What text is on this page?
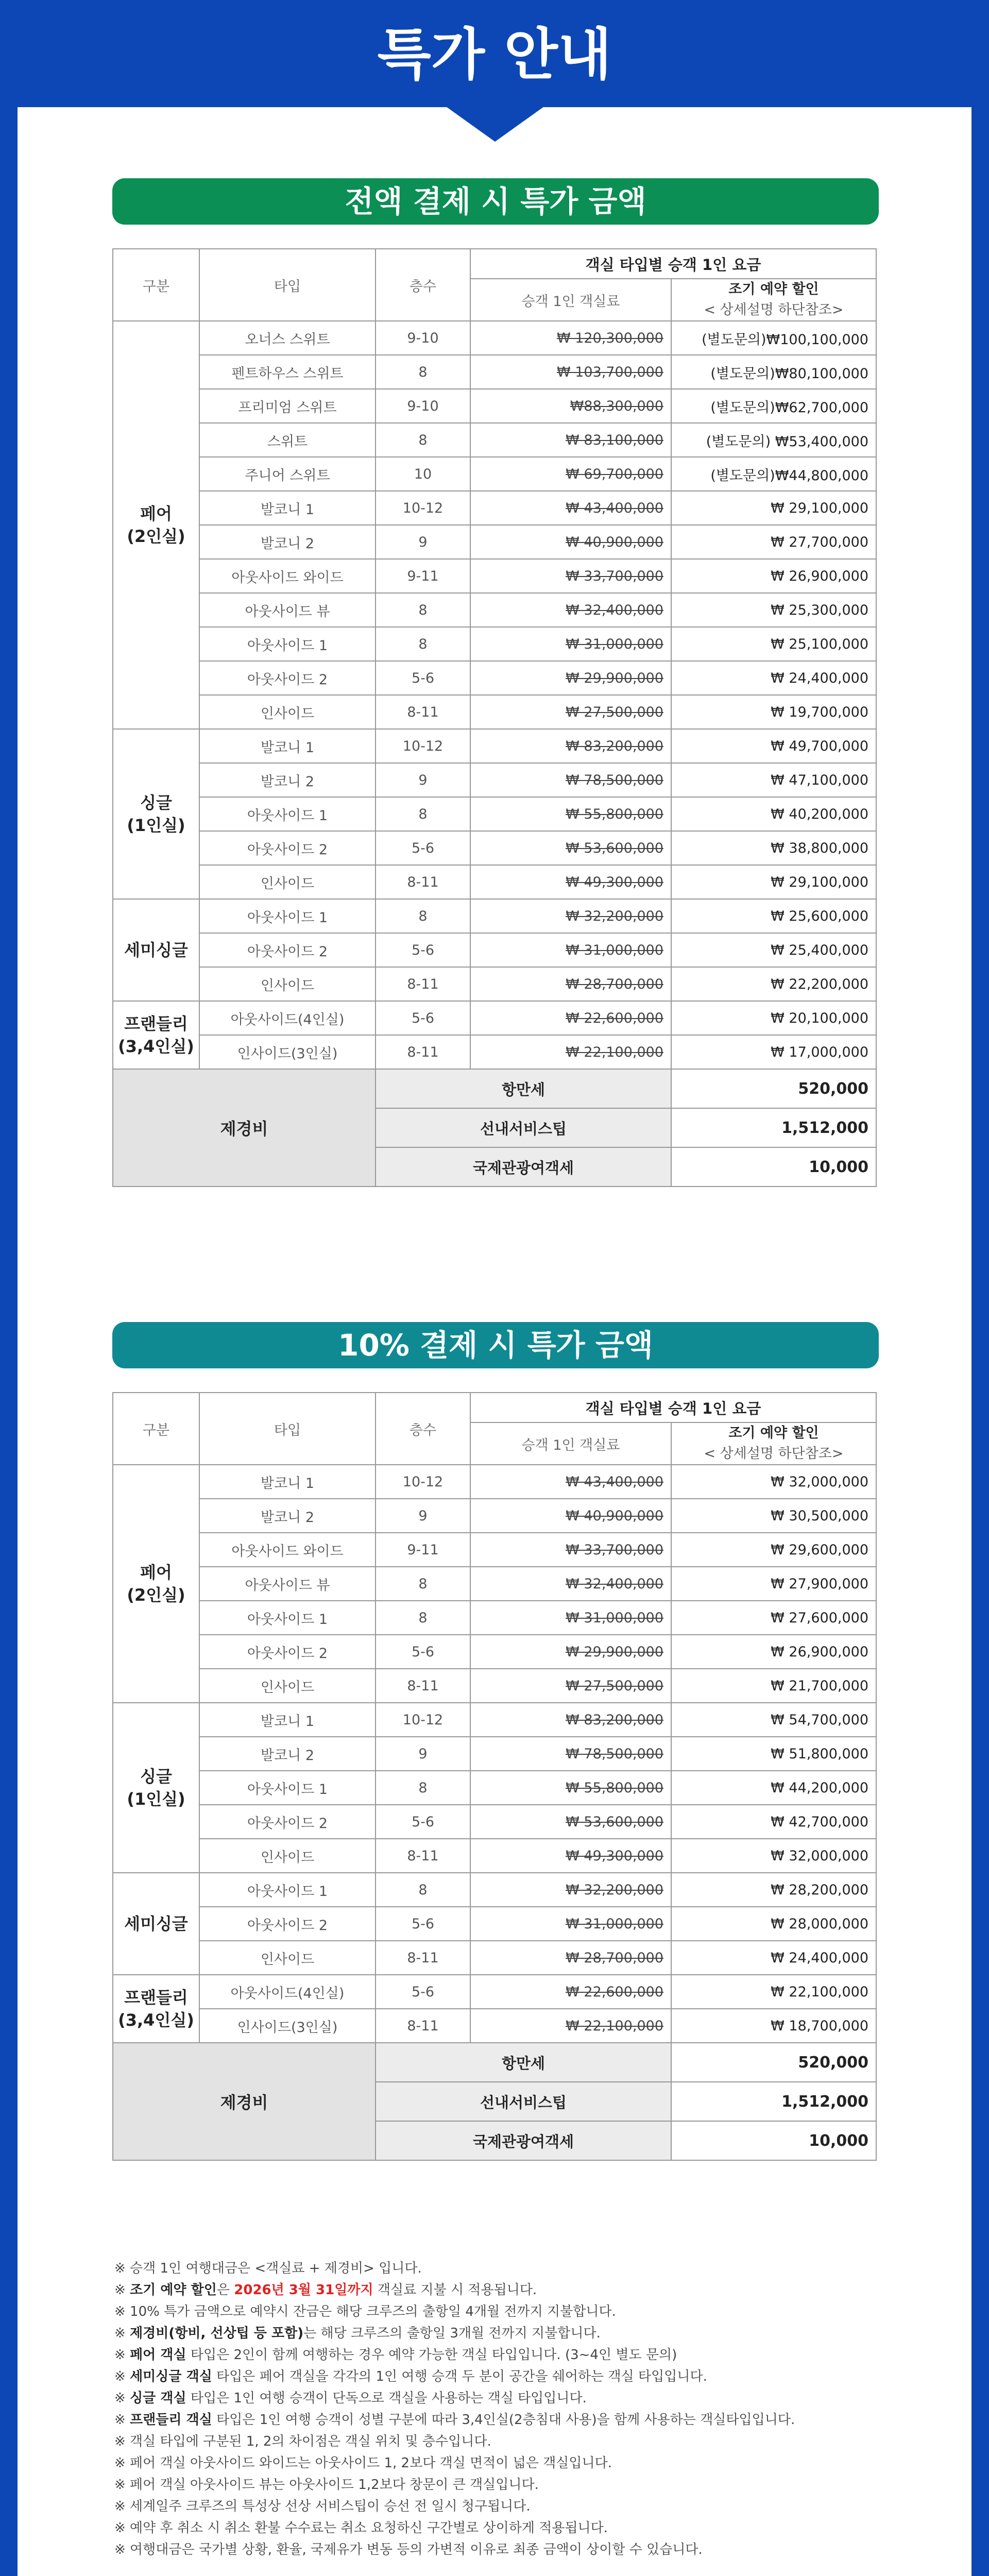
특가 안내
전액 결제 시 특가 금액
구분	타입	층수	객실 타입별 승객 1인 요금	
			승객 1인 객실료	조기 예약 할인
< 상세설명 하단참조>

페어
(2인실)	오너스 스위트	9-10	₩ 120,300,000	(별도문의)₩100,100,000
	펜트하우스 스위트	8	₩ 103,700,000	(별도문의)₩80,100,000
	프리미엄 스위트	9-10	₩88,300,000	(별도문의)₩62,700,000
	스위트	8	₩ 83,100,000	(별도문의) ₩53,400,000
	주니어 스위트	10	₩ 69,700,000	(별도문의)₩44,800,000
	발코니 1	10-12	₩ 43,400,000	₩ 29,100,000
	발코니 2	9	₩ 40,900,000	₩ 27,700,000
	아웃사이드 와이드	9-11	₩ 33,700,000	₩ 26,900,000
	아웃사이드 뷰	8	₩ 32,400,000	₩ 25,300,000
	아웃사이드 1	8	₩ 31,000,000	₩ 25,100,000
	아웃사이드 2	5-6	₩ 29,900,000	₩ 24,400,000
	인사이드	8-11	₩ 27,500,000	₩ 19,700,000
싱글
(1인실)	발코니 1	10-12	₩ 83,200,000	₩ 49,700,000
	발코니 2	9	₩ 78,500,000	₩ 47,100,000
	아웃사이드 1	8	₩ 55,800,000	₩ 40,200,000
	아웃사이드 2	5-6	₩ 53,600,000	₩ 38,800,000
	인사이드	8-11	₩ 49,300,000	₩ 29,100,000
세미싱글	아웃사이드 1	8	₩ 32,200,000	₩ 25,600,000
	아웃사이드 2	5-6	₩ 31,000,000	₩ 25,400,000
	인사이드	8-11	₩ 28,700,000	₩ 22,200,000
프랜들리
(3,4인실)	아웃사이드(4인실)	5-6	₩ 22,600,000	₩ 20,100,000
	인사이드(3인실)	8-11	₩ 22,100,000	₩ 17,000,000
제경비		항만세		520,000
		선내서비스팁		1,512,000
		국제관광여객세		10,000
10% 결제 시 특가 금액
구분	타입	층수	객실 타입별 승객 1인 요금	
			승객 1인 객실료	조기 예약 할인
< 상세설명 하단참조>

페어
(2인실)	발코니 1	10-12	₩ 43,400,000	₩ 32,000,000
	발코니 2	9	₩ 40,900,000	₩ 30,500,000
	아웃사이드 와이드	9-11	₩ 33,700,000	₩ 29,600,000
	아웃사이드 뷰	8	₩ 32,400,000	₩ 27,900,000
	아웃사이드 1	8	₩ 31,000,000	₩ 27,600,000
	아웃사이드 2	5-6	₩ 29,900,000	₩ 26,900,000
	인사이드	8-11	₩ 27,500,000	₩ 21,700,000
싱글
(1인실)	발코니 1	10-12	₩ 83,200,000	₩ 54,700,000
	발코니 2	9	₩ 78,500,000	₩ 51,800,000
	아웃사이드 1	8	₩ 55,800,000	₩ 44,200,000
	아웃사이드 2	5-6	₩ 53,600,000	₩ 42,700,000
	인사이드	8-11	₩ 49,300,000	₩ 32,000,000
세미싱글	아웃사이드 1	8	₩ 32,200,000	₩ 28,200,000
	아웃사이드 2	5-6	₩ 31,000,000	₩ 28,000,000
	인사이드	8-11	₩ 28,700,000	₩ 24,400,000
프랜들리
(3,4인실)	아웃사이드(4인실)	5-6	₩ 22,600,000	₩ 22,100,000
	인사이드(3인실)	8-11	₩ 22,100,000	₩ 18,700,000
제경비		항만세		520,000
		선내서비스팁		1,512,000
		국제관광여객세		10,000

※ 승객 1인 여행대금은 <객실료 + 제경비> 입니다.

※ 조기 예약 할인은 2026년 3월 31일까지 객실료 지불 시 적용됩니다.

※ 10% 특가 금액으로 예약시 잔금은 해당 크루즈의 출항일 4개월 전까지 지불합니다.

※ 제경비(항비, 선상팁 등 포함)는 해당 크루즈의 출항일 3개월 전까지 지불합니다.

※ 페어 객실 타입은 2인이 함께 여행하는 경우 예약 가능한 객실 타입입니다. (3~4인 별도 문의)

※ 세미싱글 객실 타입은 페어 객실을 각각의 1인 여행 승객 두 분이 공간을 쉐어하는 객실 타입입니다.

※ 싱글 객실 타입은 1인 여행 승객이 단독으로 객실을 사용하는 객실 타입입니다.

※ 프랜들리 객실 타입은 1인 여행 승객이 성별 구분에 따라 3,4인실(2층침대 사용)을 함께 사용하는 객실타입입니다.

※ 객실 타입에 구분된 1, 2의 차이점은 객실 위치 및 층수입니다.

※ 페어 객실 아웃사이드 와이드는 아웃사이드 1, 2보다 객실 면적이 넓은 객실입니다.

※ 페어 객실 아웃사이드 뷰는 아웃사이드 1,2보다 창문이 큰 객실입니다.

※ 세계일주 크루즈의 특성상 선상 서비스팁이 승선 전 일시 청구됩니다.

※ 예약 후 취소 시 취소 환불 수수료는 취소 요청하신 구간별로 상이하게 적용됩니다.

※ 여행대금은 국가별 상황, 환율, 국제유가 변동 등의 가변적 이유로 최종 금액이 상이할 수 있습니다.
